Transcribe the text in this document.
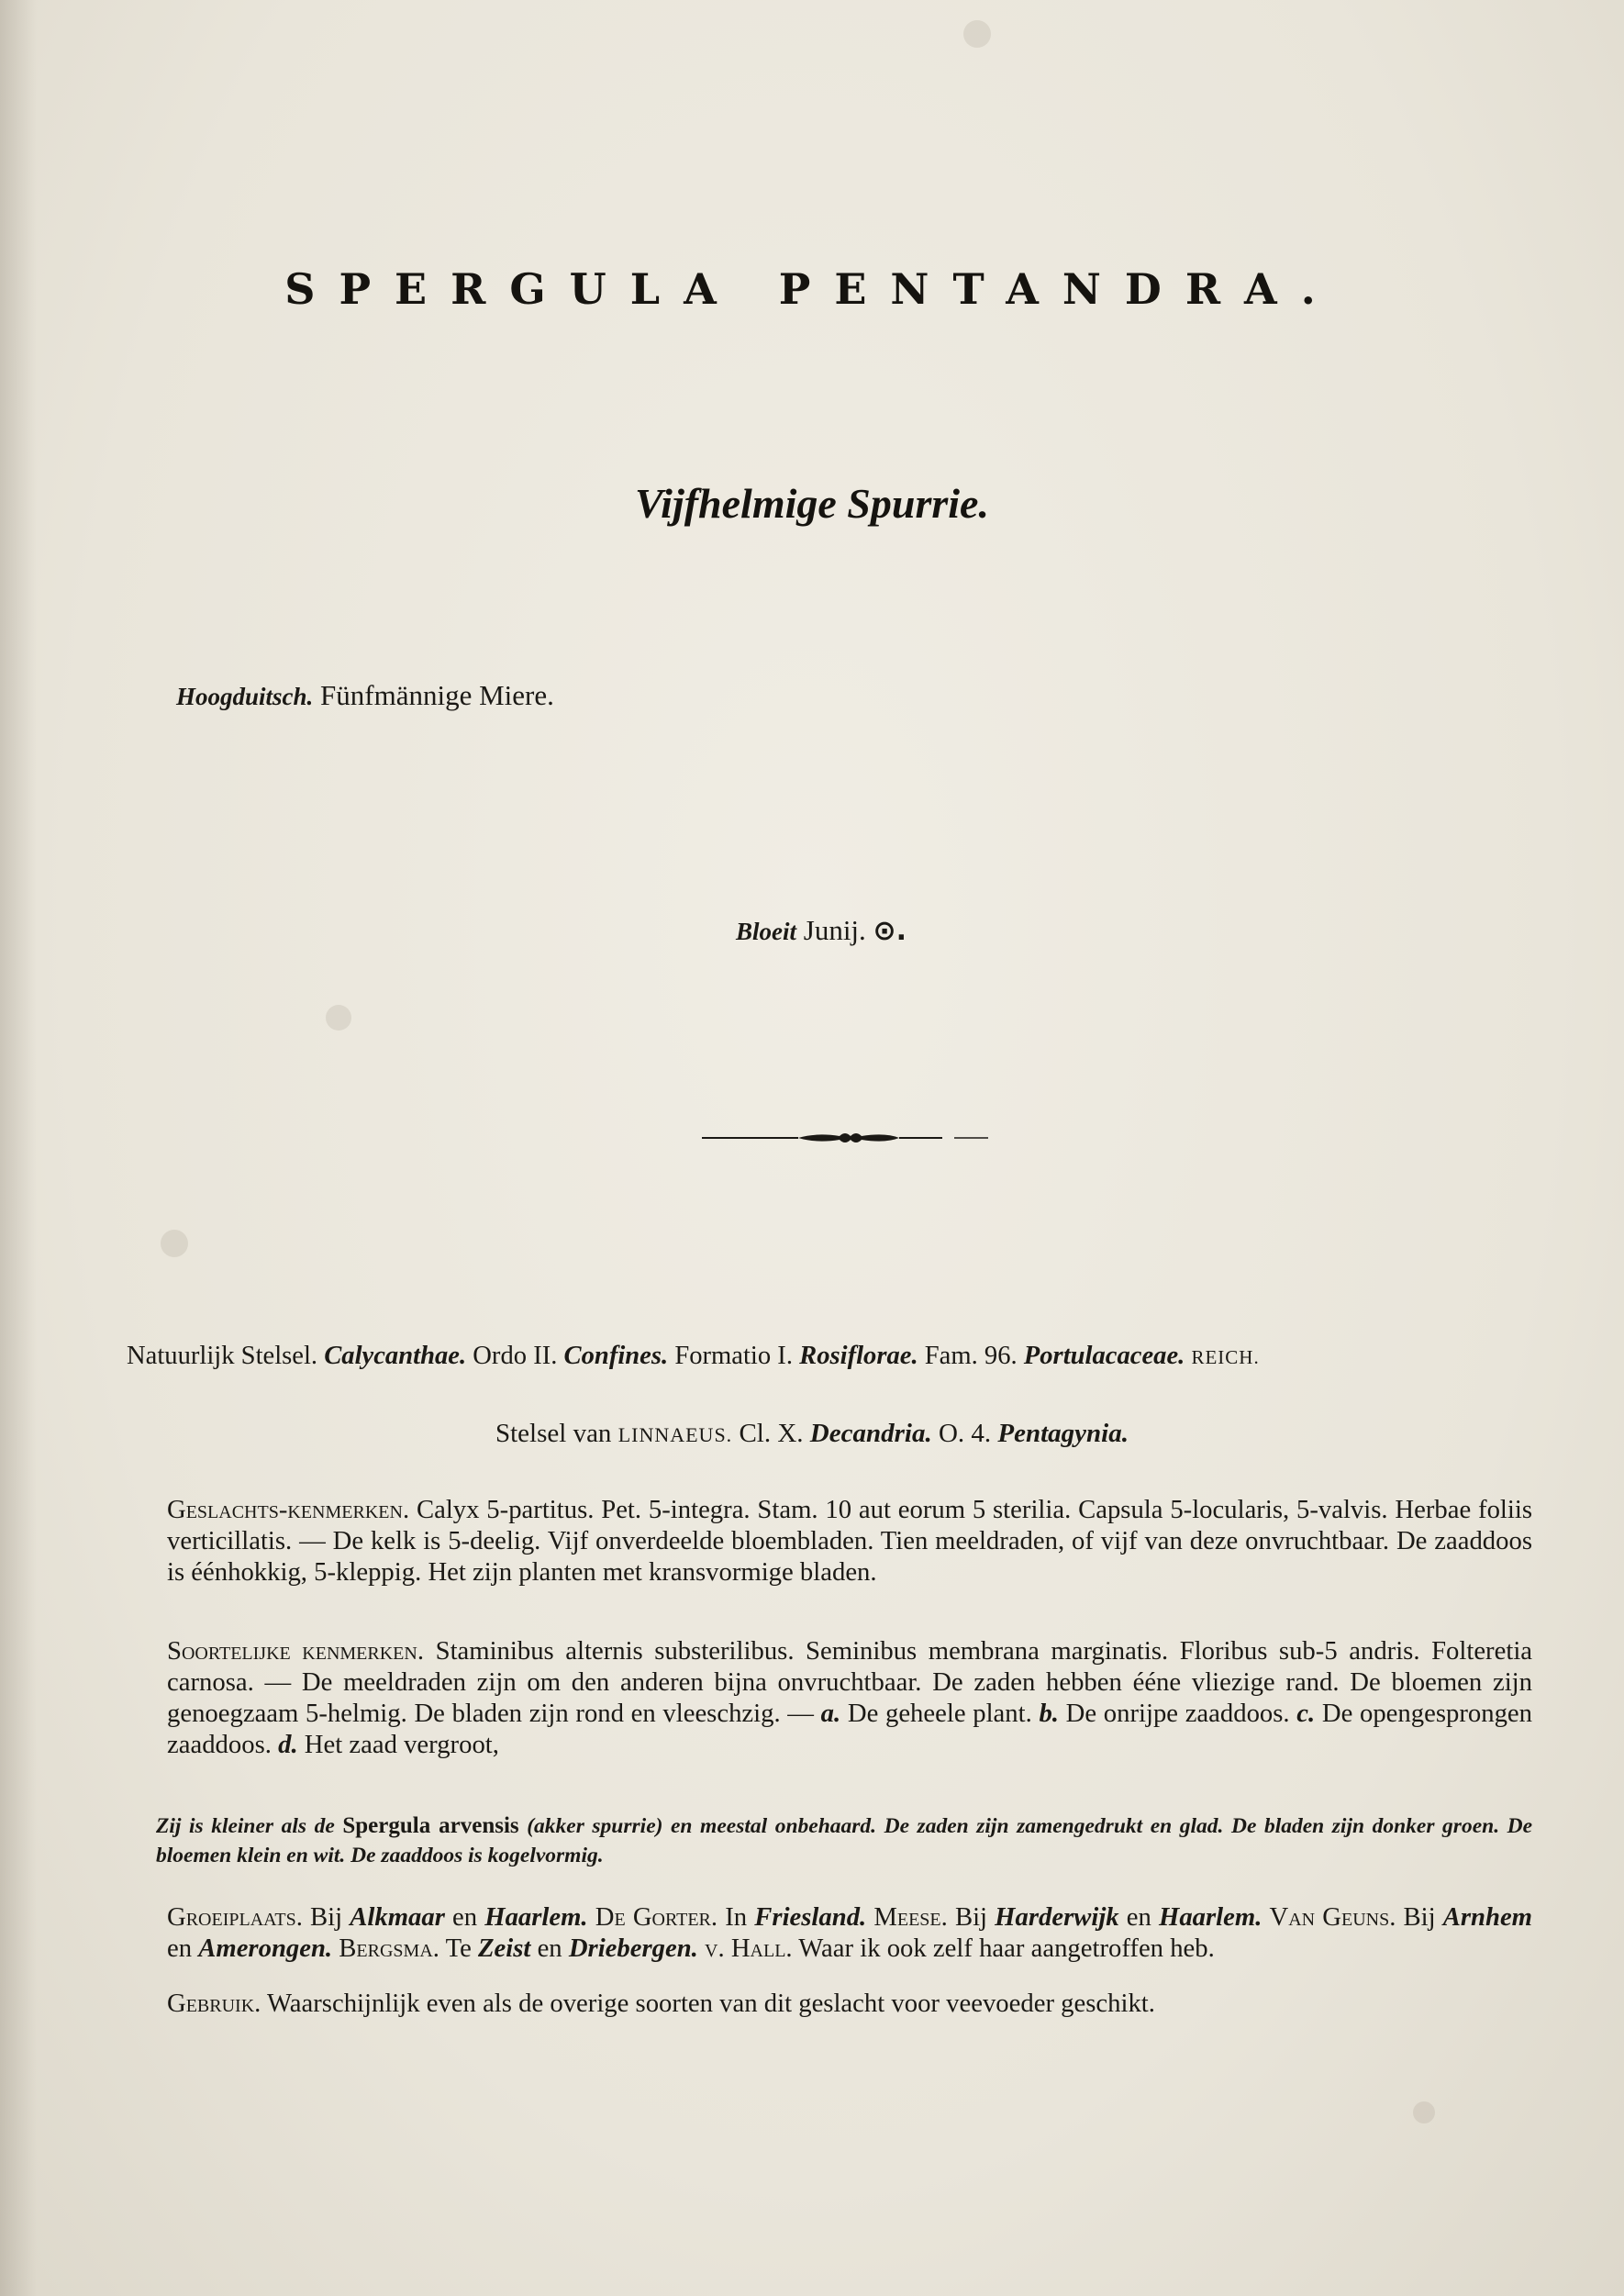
SPERGULA PENTANDRA.
Vijfhelmige Spurrie.
Hoogduitsch. Fünfmännige Miere.
Bloeit Junij. ⊙.
Natuurlijk Stelsel. Calycanthae. Ordo II. Confines. Formatio I. Rosiflorae. Fam. 96. Portulacaceae. REICH.
Stelsel van LINNAEUS. Cl. X. Decandria. O. 4. Pentagynia.
Geslachts-kenmerken. Calyx 5-partitus. Pet. 5-integra. Stam. 10 aut eorum 5 sterilia. Capsula 5-locularis, 5-valvis. Herbae foliis verticillatis. — De kelk is 5-deelig. Vijf onverdeelde bloembladen. Tien meeldraden, of vijf van deze onvruchtbaar. De zaaddoos is éénhokkig, 5-kleppig. Het zijn planten met kransvormige bladen.
Soortelijke kenmerken. Staminibus alternis substerilibus. Seminibus membrana marginatis. Floribus sub-5 andris. Folteretia carnosa. — De meeldraden zijn om den anderen bijna onvruchtbaar. De zaden hebben ééne vliezige rand. De bloemen zijn genoegzaam 5-helmig. De bladen zijn rond en vleeschzig. — a. De geheele plant. b. De onrijpe zaaddoos. c. De opengesprongen zaaddoos. d. Het zaad vergroot,
Zij is kleiner als de Spergula arvensis (akker spurrie) en meestal onbehaard. De zaden zijn zamengedrukt en glad. De bladen zijn donker groen. De bloemen klein en wit. De zaaddoos is kogelvormig.
Groeiplaats. Bij Alkmaar en Haarlem. De Gorter. In Friesland. Meese. Bij Harderwijk en Haarlem. Van Geuns. Bij Arnhem en Amerongen. Bergsma. Te Zeist en Driebergen. v. Hall. Waar ik ook zelf haar aangetroffen heb.
Gebruik. Waarschijnlijk even als de overige soorten van dit geslacht voor veevoeder geschikt.
